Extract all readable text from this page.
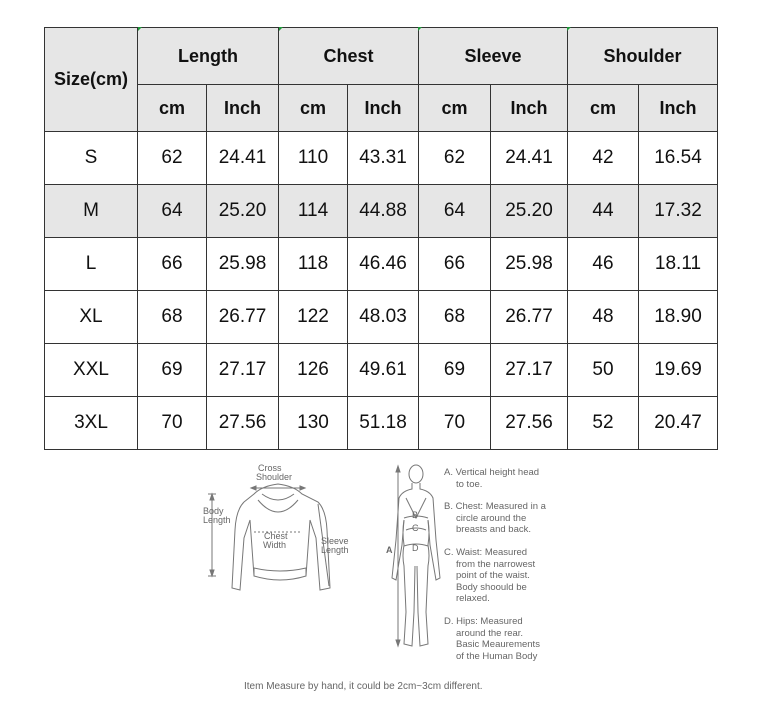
Size(cm)	Length		Chest		Sleeve		Shoulder	
	cm	Inch	cm	Inch	cm	Inch	cm	Inch
S	62	24.41	110	43.31	62	24.41	42	16.54
M	64	25.20	114	44.88	64	25.20	44	17.32
L	66	25.98	118	46.46	66	25.98	46	18.11
XL	68	26.77	122	48.03	68	26.77	48	18.90
XXL	69	27.17	126	49.61	69	27.17	50	19.69
3XL	70	27.56	130	51.18	70	27.56	52	20.47
Cross
Shoulder
Body
Length
Chest
Width	Sleeve
Length	A
B
C
D
A. Vertical height head
to toe.
B. Chest: Measured in a
circle around the
breasts and back.
C. Waist: Measured
from the narrowest
point of the waist.
Body shoould be
relaxed.
D. Hips: Measured
around the rear.
Basic Meaurements
of the Human Body
Item Measure by hand, it could be 2cm~3cm different.
